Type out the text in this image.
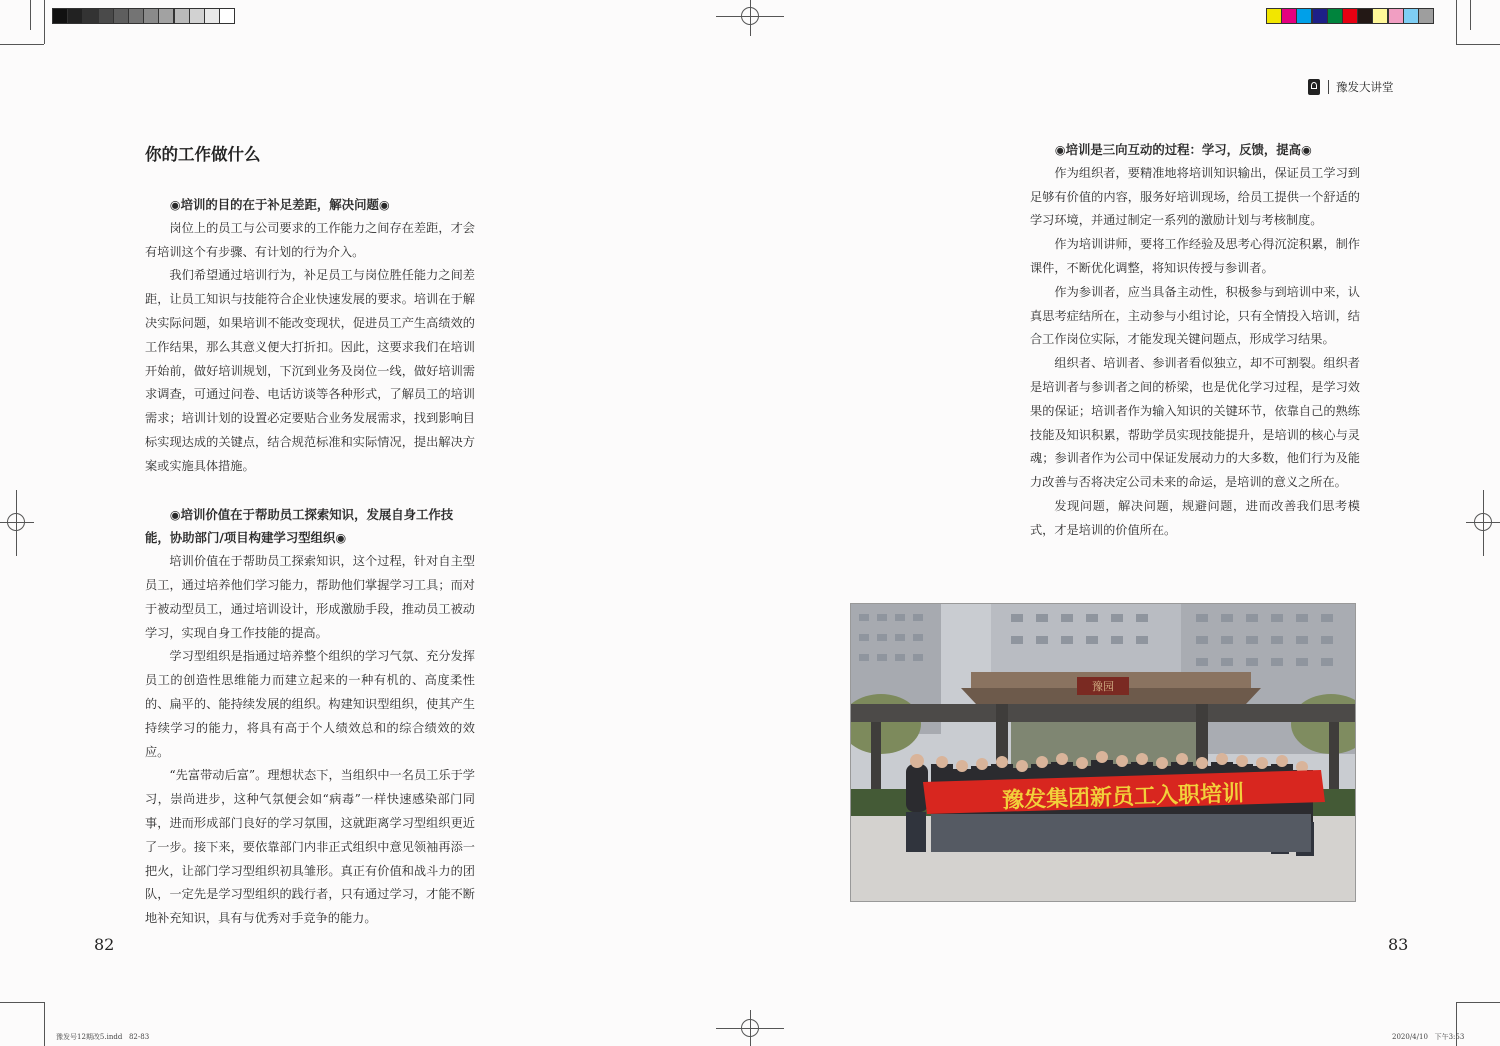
豫发大讲堂
你的工作做什么

◉培训的目的在于补足差距，解决问题◉

岗位上的员工与公司要求的工作能力之间存在差距，才会有培训这个有步骤、有计划的行为介入。

我们希望通过培训行为，补足员工与岗位胜任能力之间差距，让员工知识与技能符合企业快速发展的要求。培训在于解决实际问题，如果培训不能改变现状，促进员工产生高绩效的工作结果，那么其意义便大打折扣。因此，这要求我们在培训开始前，做好培训规划，下沉到业务及岗位一线，做好培训需求调查，可通过问卷、电话访谈等各种形式，了解员工的培训需求；培训计划的设置必定要贴合业务发展需求，找到影响目标实现达成的关键点，结合规范标准和实际情况，提出解决方案或实施具体措施。

◉培训价值在于帮助员工探索知识，发展自身工作技能，协助部门/项目构建学习型组织◉

培训价值在于帮助员工探索知识，这个过程，针对自主型员工，通过培养他们学习能力，帮助他们掌握学习工具；而对于被动型员工，通过培训设计，形成激励手段，推动员工被动学习，实现自身工作技能的提高。

学习型组织是指通过培养整个组织的学习气氛、充分发挥员工的创造性思维能力而建立起来的一种有机的、高度柔性的、扁平的、能持续发展的组织。构建知识型组织，使其产生持续学习的能力，将具有高于个人绩效总和的综合绩效的效应。

“先富带动后富”。理想状态下，当组织中一名员工乐于学习，崇尚进步，这种气氛便会如“病毒”一样快速感染部门同事，进而形成部门良好的学习氛围，这就距离学习型组织更近了一步。接下来，要依靠部门内非正式组织中意见领袖再添一把火，让部门学习型组织初具雏形。真正有价值和战斗力的团队，一定先是学习型组织的践行者，只有通过学习，才能不断地补充知识，具有与优秀对手竞争的能力。

82

◉培训是三向互动的过程：学习，反馈，提高◉

作为组织者，要精准地将培训知识输出，保证员工学习到足够有价值的内容，服务好培训现场，给员工提供一个舒适的学习环境，并通过制定一系列的激励计划与考核制度。

作为培训讲师，要将工作经验及思考心得沉淀积累，制作课件，不断优化调整，将知识传授与参训者。

作为参训者，应当具备主动性，积极参与到培训中来，认真思考症结所在，主动参与小组讨论，只有全情投入培训，结合工作岗位实际，才能发现关键问题点，形成学习结果。

组织者、培训者、参训者看似独立，却不可割裂。组织者是培训者与参训者之间的桥梁，也是优化学习过程，是学习效果的保证；培训者作为输入知识的关键环节，依靠自己的熟练技能及知识积累，帮助学员实现技能提升，是培训的核心与灵魂；参训者作为公司中保证发展动力的大多数，他们行为及能力改善与否将决定公司未来的命运，是培训的意义之所在。

发现问题，解决问题，规避问题，进而改善我们思考模式，才是培训的价值所在。

豫园
豫发集团新员工入职培训
83
豫发号12期改5.indd   82-83	2020/4/10   下午3:53
